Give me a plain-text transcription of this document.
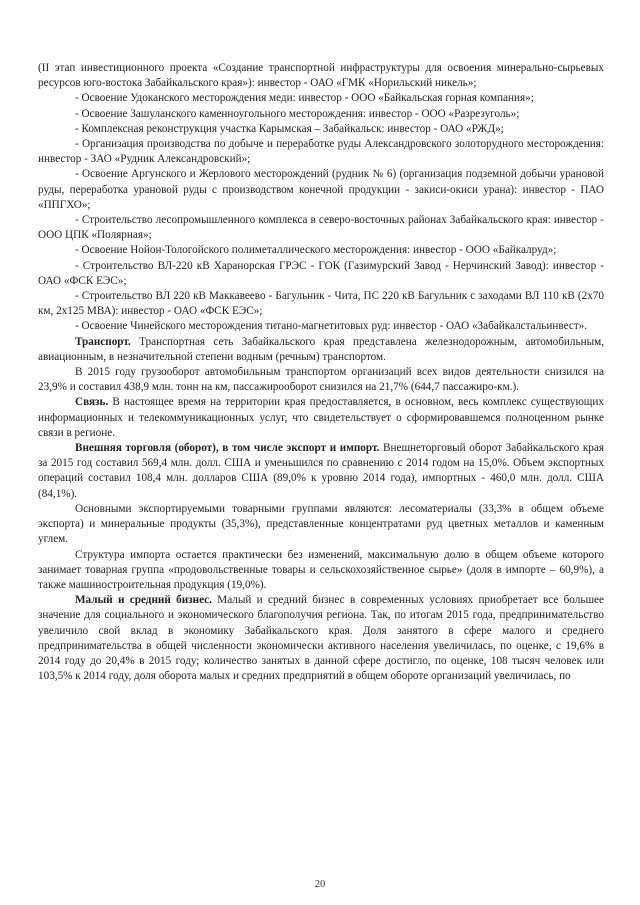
(II этап инвестиционного проекта «Создание транспортной инфраструктуры для освоения минерально-сырьевых ресурсов юго-востока Забайкальского края»): инвестор - ОАО «ГМК «Норильский никель»;

- Освоение Удоканского месторождения меди: инвестор - ООО «Байкальская горная компания»;

- Освоение Зашуланского каменноугольного месторождения: инвестор - ООО «Разрезуголь»;

- Комплексная реконструкция участка Карымская – Забайкальск: инвестор - ОАО «РЖД»;

- Организация производства по добыче и переработке руды Александровского золоторудного месторождения: инвестор - ЗАО «Рудник Александровский»;

- Освоение Аргунского и Жерлового месторождений (рудник № 6) (организация подземной добычи урановой руды, переработка урановой руды с производством конечной продукции - закиси-окиси урана): инвестор - ПАО «ППГХО»;

- Строительство лесопромышленного комплекса в северо-восточных районах Забайкальского края: инвестор - ООО ЦПК «Полярная»;

- Освоение Нойон-Тологойского полиметаллического месторождения: инвестор - ООО «Байкалруд»;

- Строительство ВЛ-220 кВ Харанорская ГРЭС - ГОК (Газимурский Завод - Нерчинский Завод): инвестор - ОАО «ФСК ЕЭС»;

- Строительство ВЛ 220 кВ Маккавеево - Багульник - Чита, ПС 220 кВ Багульник с заходами ВЛ 110 кВ (2х70 км, 2х125 МВА): инвестор - ОАО «ФСК ЕЭС»;

- Освоение Чинейского месторождения титано-магнетитовых руд: инвестор - ОАО «Забайкалстальинвест».

Транспорт. Транспортная сеть Забайкальского края представлена железнодорожным, автомобильным, авиационным, в незначительной степени водным (речным) транспортом.

В 2015 году грузооборот автомобильным транспортом организаций всех видов деятельности снизился на 23,9% и составил 438,9 млн. тонн на км, пассажирооборот снизился на 21,7% (644,7 пассажиро-км.).

Связь. В настоящее время на территории края предоставляется, в основном, весь комплекс существующих информационных и телекоммуникационных услуг, что свидетельствует о сформировавшемся полноценном рынке связи в регионе.

Внешняя торговля (оборот), в том числе экспорт и импорт. Внешнеторговый оборот Забайкальского края за 2015 год составил 569,4 млн. долл. США и уменьшился по сравнению с 2014 годом на 15,0%. Объем экспортных операций составил 108,4 млн. долларов США (89,0% к уровню 2014 года), импортных - 460,0 млн. долл. США (84,1%).

Основными экспортируемыми товарными группами являются: лесоматериалы (33,3% в общем объеме экспорта) и минеральные продукты (35,3%), представленные концентратами руд цветных металлов и каменным углем.

Структура импорта остается практически без изменений, максимальную долю в общем объеме которого занимает товарная группа «продовольственные товары и сельскохозяйственное сырье» (доля в импорте – 60,9%), а также машиностроительная продукция (19,0%).

Малый и средний бизнес. Малый и средний бизнес в современных условиях приобретает все большее значение для социального и экономического благополучия региона. Так, по итогам 2015 года, предпринимательство увеличило свой вклад в экономику Забайкальского края. Доля занятого в сфере малого и среднего предпринимательства в общей численности экономически активного населения увеличилась, по оценке, с 19,6% в 2014 году до 20,4% в 2015 году; количество занятых в данной сфере достигло, по оценке, 108 тысяч человек или 103,5% к 2014 году, доля оборота малых и средних предприятий в общем обороте организаций увеличилась, по

20
